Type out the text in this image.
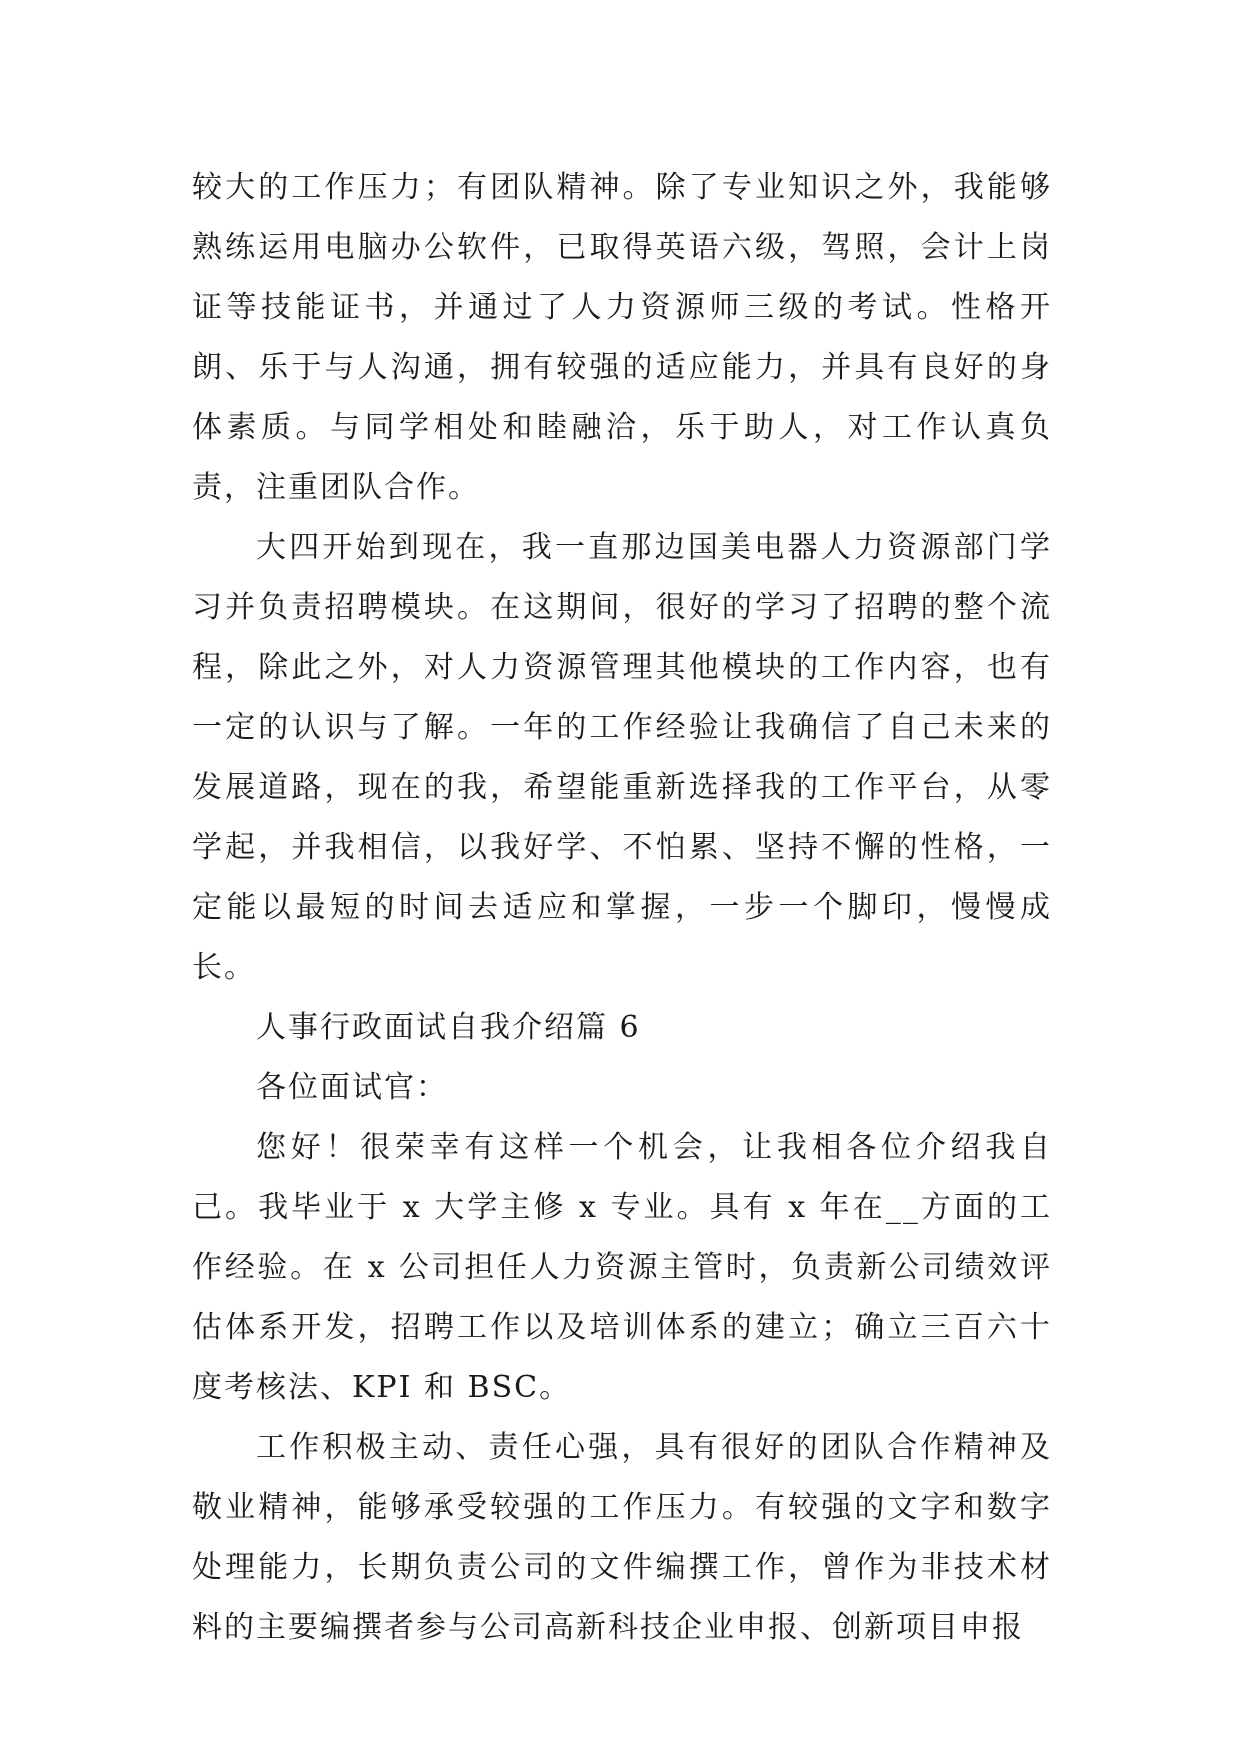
较大的工作压力；有团队精神。除了专业知识之外，我能够熟练运用电脑办公软件，已取得英语六级，驾照，会计上岗证等技能证书，并通过了人力资源师三级的考试。性格开朗、乐于与人沟通，拥有较强的适应能力，并具有良好的身体素质。与同学相处和睦融洽，乐于助人，对工作认真负责，注重团队合作。

大四开始到现在，我一直那边国美电器人力资源部门学习并负责招聘模块。在这期间，很好的学习了招聘的整个流程，除此之外，对人力资源管理其他模块的工作内容，也有一定的认识与了解。一年的工作经验让我确信了自己未来的发展道路，现在的我，希望能重新选择我的工作平台，从零学起，并我相信，以我好学、不怕累、坚持不懈的性格，一定能以最短的时间去适应和掌握，一步一个脚印，慢慢成长。

人事行政面试自我介绍篇 6

各位面试官：

您好！很荣幸有这样一个机会，让我相各位介绍我自己。我毕业于 x 大学主修 x 专业。具有 x 年在__方面的工作经验。在 x 公司担任人力资源主管时，负责新公司绩效评估体系开发，招聘工作以及培训体系的建立；确立三百六十度考核法、KPI 和 BSC。

工作积极主动、责任心强，具有很好的团队合作精神及敬业精神，能够承受较强的工作压力。有较强的文字和数字处理能力，长期负责公司的文件编撰工作，曾作为非技术材料的主要编撰者参与公司高新科技企业申报、创新项目申报
